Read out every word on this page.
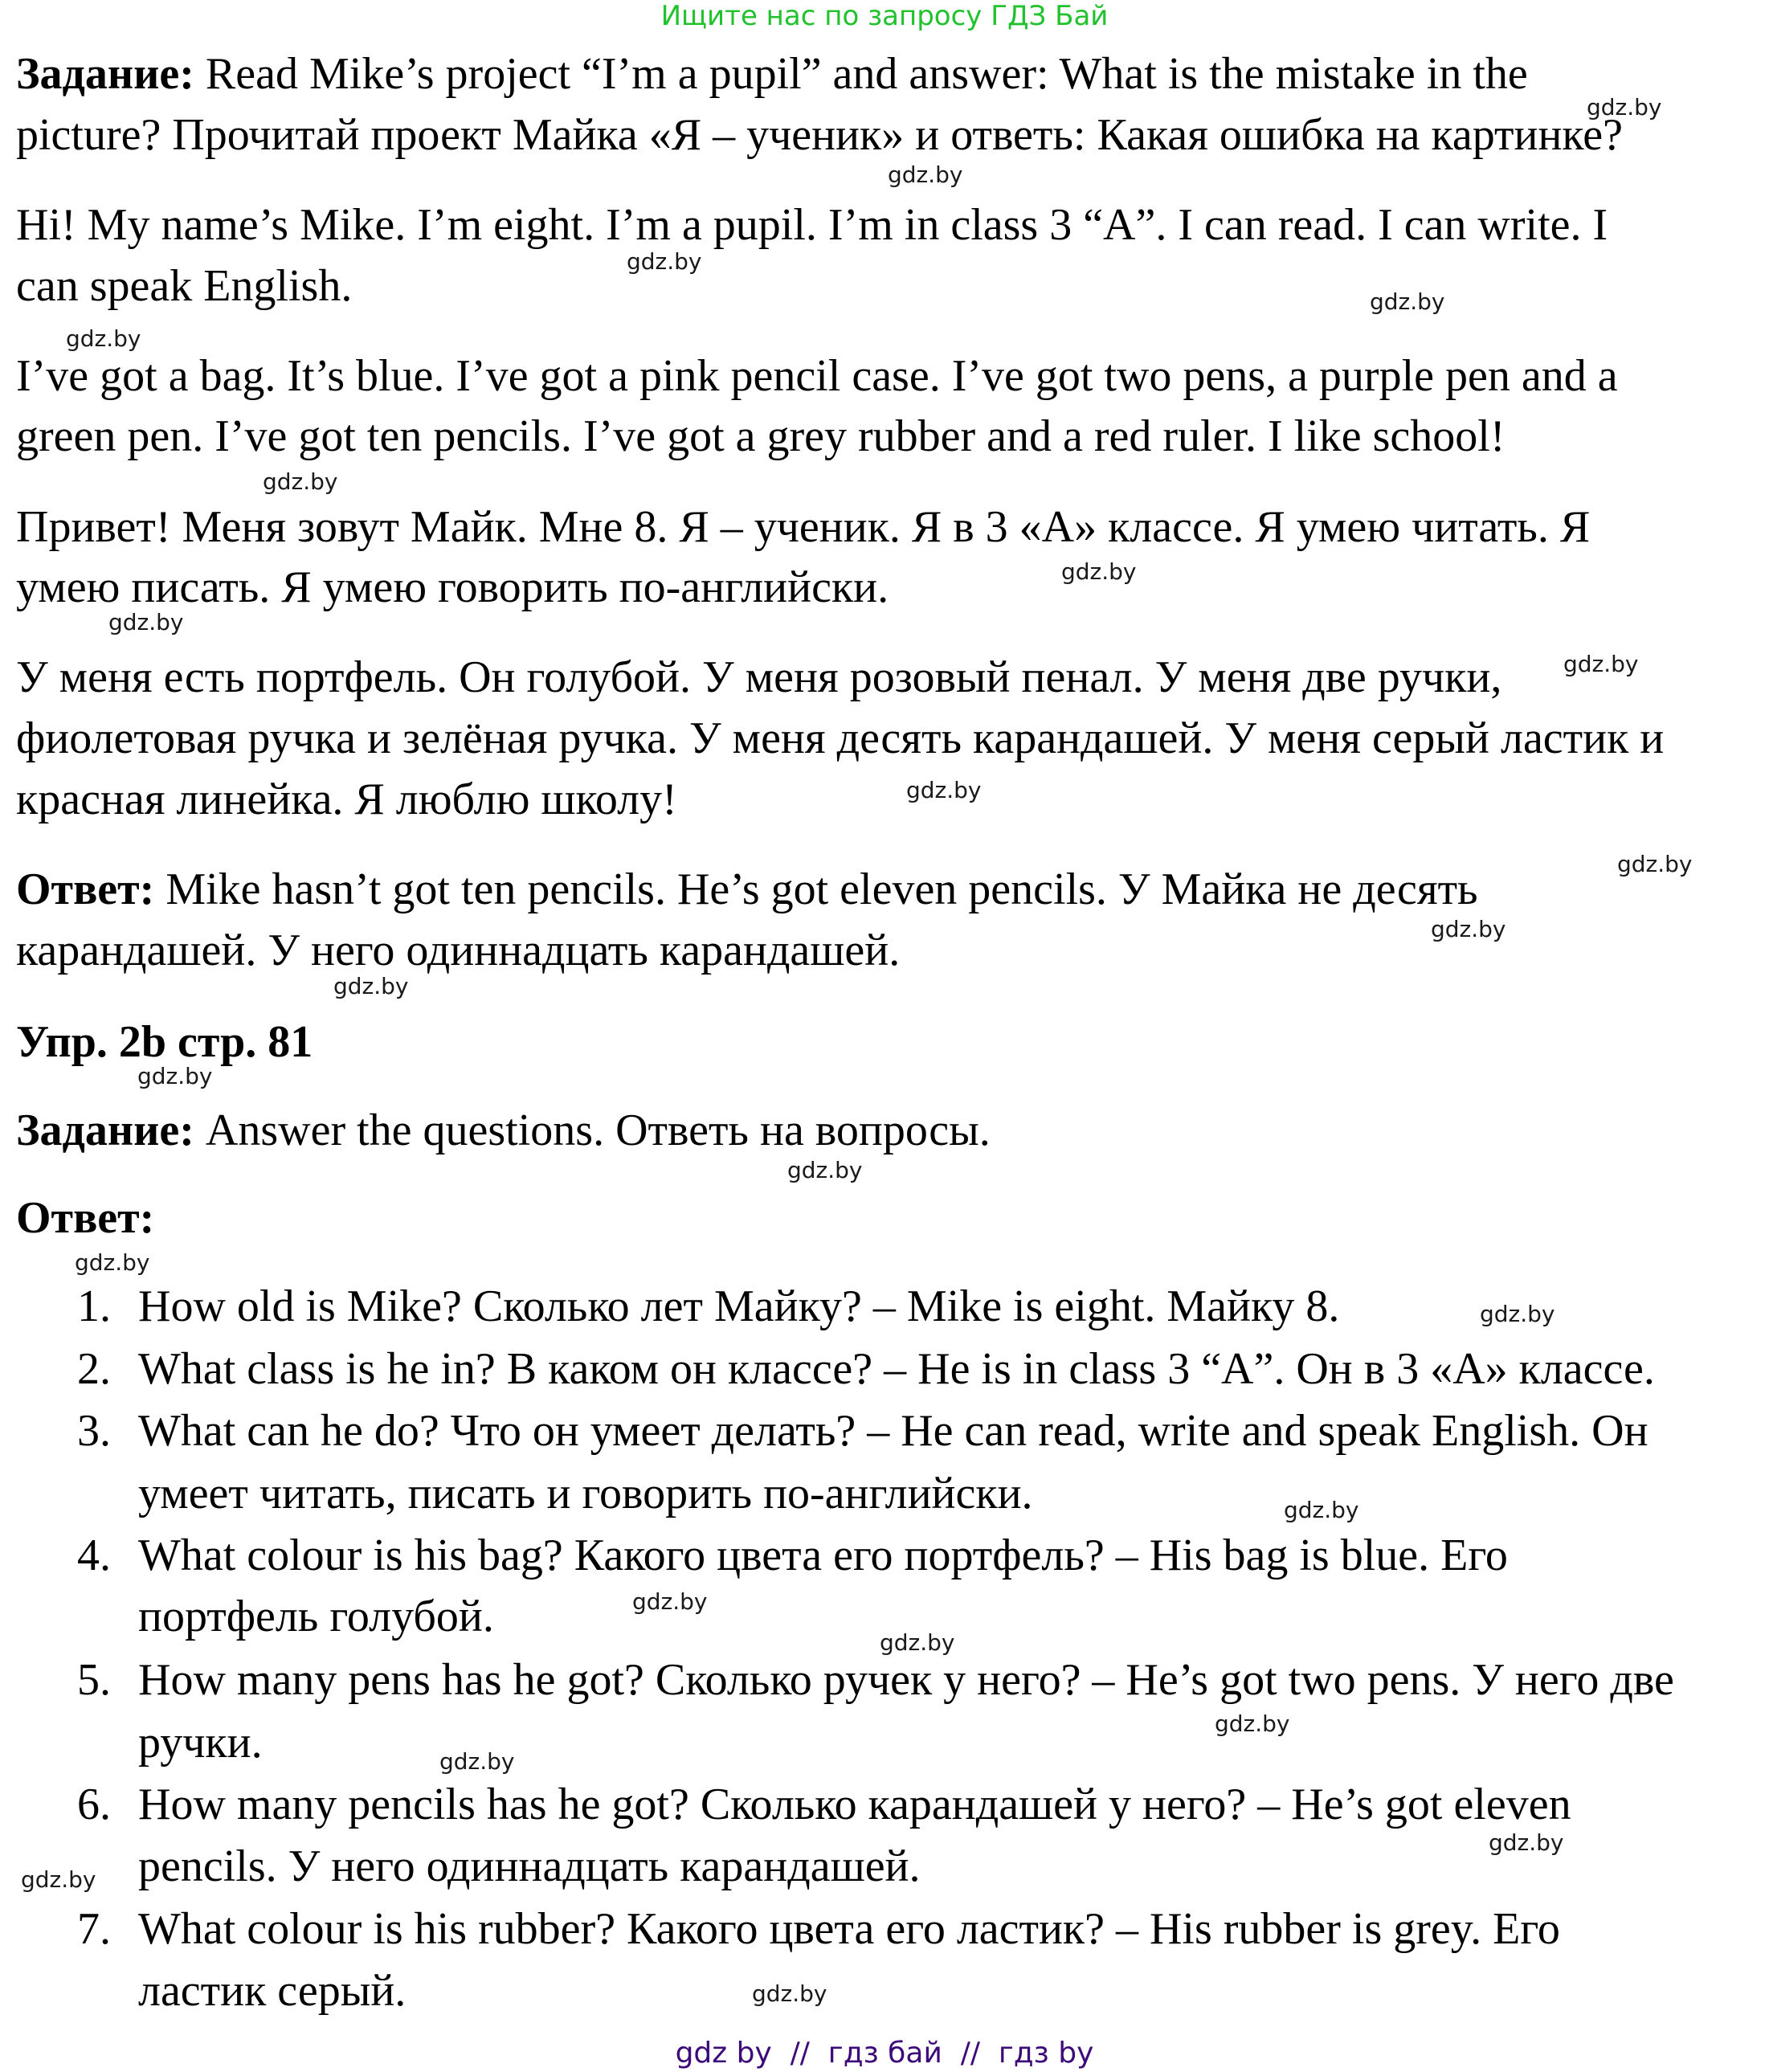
Ищите нас по запросу ГДЗ Бай
Задание: Read Mike’s project “I’m a pupil” and answer: What is the mistake in the
picture? Прочитай проект Майка «Я – ученик» и ответь: Какая ошибка на картинке?
Hi! My name’s Mike. I’m eight. I’m a pupil. I’m in class 3 “A”. I can read. I can write. I
can speak English.
I’ve got a bag. It’s blue. I’ve got a pink pencil case. I’ve got two pens, a purple pen and a
green pen. I’ve got ten pencils. I’ve got a grey rubber and a red ruler. I like school!
Привет! Меня зовут Майк. Мне 8. Я – ученик. Я в 3 «А» классе. Я умею читать. Я
умею писать. Я умею говорить по-английски.
У меня есть портфель. Он голубой. У меня розовый пенал. У меня две ручки,
фиолетовая ручка и зелёная ручка. У меня десять карандашей. У меня серый ластик и
красная линейка. Я люблю школу!
Ответ: Mike hasn’t got ten pencils. He’s got eleven pencils. У Майка не десять
карандашей. У него одиннадцать карандашей.
Упр. 2b стр. 81
Задание: Answer the questions. Ответь на вопросы.
Ответ:
1. How old is Mike? Сколько лет Майку? – Mike is eight. Майку 8.
2. What class is he in? В каком он классе? – He is in class 3 “A”. Он в 3 «А» классе.
3. What can he do? Что он умеет делать? – He can read, write and speak English. Он
умеет читать, писать и говорить по-английски.
4. What colour is his bag? Какого цвета его портфель? – His bag is blue. Его
портфель голубой.
5. How many pens has he got? Сколько ручек у него? – He’s got two pens. У него две
ручки.
6. How many pencils has he got? Сколько карандашей у него? – He’s got eleven
pencils. У него одиннадцать карандашей.
7. What colour is his rubber? Какого цвета его ластик? – His rubber is grey. Его
ластик серый.
gdz.by
gdz.by
gdz.by
gdz.by
gdz.by
gdz.by
gdz.by
gdz.by
gdz.by
gdz.by
gdz.by
gdz.by
gdz.by
gdz.by
gdz.by
gdz.by
gdz.by
gdz.by
gdz.by
gdz.by
gdz.by
gdz.by
gdz.by
gdz.by
gdz.by
gdz by  //  гдз бай  //  гдз by
